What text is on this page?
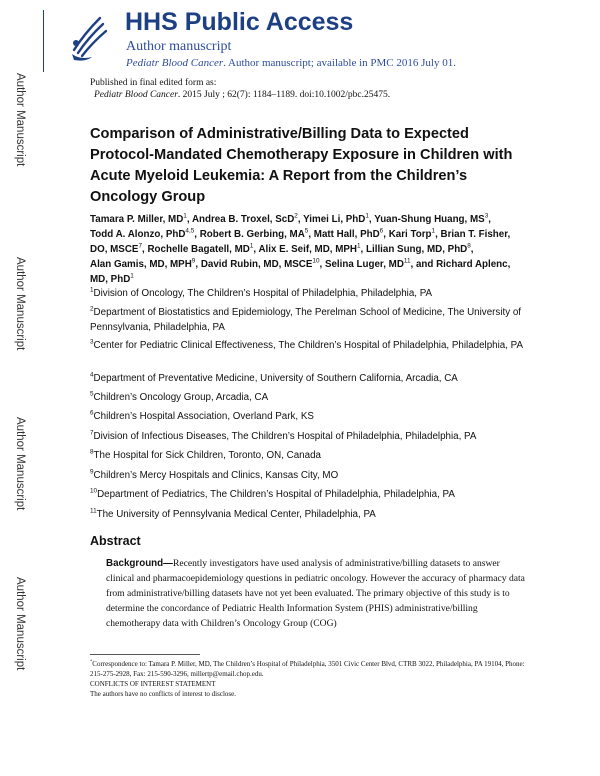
Author Manuscript
Author Manuscript
Author Manuscript
Author Manuscript
HHS Public Access
Author manuscript
Pediatr Blood Cancer. Author manuscript; available in PMC 2016 July 01.
Published in final edited form as:
Pediatr Blood Cancer. 2015 July ; 62(7): 1184–1189. doi:10.1002/pbc.25475.
Comparison of Administrative/Billing Data to Expected Protocol-Mandated Chemotherapy Exposure in Children with Acute Myeloid Leukemia: A Report from the Children’s Oncology Group
Tamara P. Miller, $MD^1$, Andrea B. Troxel, ScD$^2$, Yimei Li, PhD$^1$, Yuan-Shung Huang, $MS^3$, Todd A. Alonzo, PhD$^{4,5}$, Robert B. Gerbing, $MA^5$, Matt Hall, PhD$^6$, Kari Torp$^1$, Brian T. Fisher, DO, MSCE$^7$, Rochelle Bagatell, $MD^1$, Alix E. Seif, MD, MPH$^1$, Lillian Sung, MD, PhD$^8$, Alan Gamis, MD, MPH$^9$, David Rubin, MD, MSCE$^{10}$, Selina Luger, MD$^{11}$, and Richard Aplenc, MD, PhD$^1$
$^1$Division of Oncology, The Children’s Hospital of Philadelphia, Philadelphia, PA
$^2$Department of Biostatistics and Epidemiology, The Perelman School of Medicine, The University of Pennsylvania, Philadelphia, PA
$^3$Center for Pediatric Clinical Effectiveness, The Children’s Hospital of Philadelphia, Philadelphia, PA
$^4$Department of Preventative Medicine, University of Southern California, Arcadia, CA
$^5$Children’s Oncology Group, Arcadia, CA
$^6$Children’s Hospital Association, Overland Park, KS
$^7$Division of Infectious Diseases, The Children’s Hospital of Philadelphia, Philadelphia, PA
$^8$The Hospital for Sick Children, Toronto, ON, Canada
$^9$Children’s Mercy Hospitals and Clinics, Kansas City, MO
$^{10}$Department of Pediatrics, The Children’s Hospital of Philadelphia, Philadelphia, PA
$^{11}$The University of Pennsylvania Medical Center, Philadelphia, PA
Abstract
Background—Recently investigators have used analysis of administrative/billing datasets to answer clinical and pharmacoepidemiology questions in pediatric oncology. However the accuracy of pharmacy data from administrative/billing datasets have not yet been evaluated. The primary objective of this study is to determine the concordance of Pediatric Health Information System (PHIS) administrative/billing chemotherapy data with Children’s Oncology Group (COG)
*Correspondence to: Tamara P. Miller, MD, The Children’s Hospital of Philadelphia, 3501 Civic Center Blvd, CTRB 3022, Philadelphia, PA 19104, Phone: 215-275-2928, Fax: 215-590-3296, millertp@email.chop.edu.
CONFLICTS OF INTEREST STATEMENT
The authors have no conflicts of interest to disclose.
